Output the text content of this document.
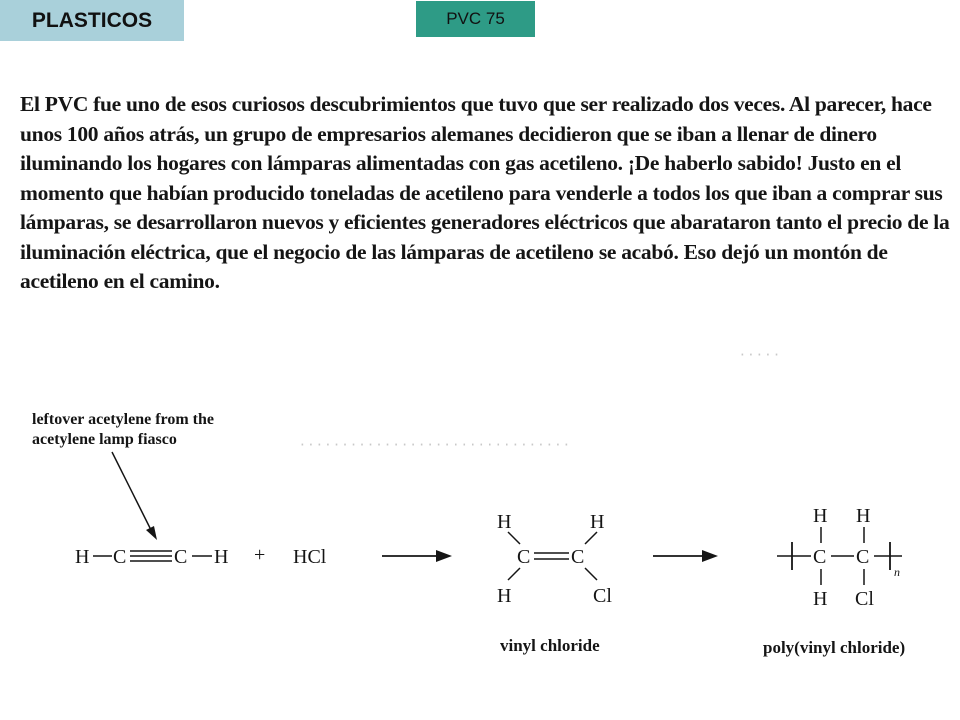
PLASTICOS	PVC 75
‧ ‧ ‧ ‧ ‧
‧ ‧ ‧ ‧ ‧ ‧ ‧ ‧ ‧ ‧ ‧ ‧ ‧ ‧ ‧ ‧ ‧ ‧ ‧ ‧ ‧ ‧ ‧ ‧ ‧ ‧ ‧ ‧ ‧ ‧ ‧ ‧
El PVC fue uno de esos curiosos descubrimientos que tuvo que ser realizado dos veces. Al parecer, hace unos 100 años atrás, un grupo de empresarios alemanes decidieron que se iban a llenar de dinero iluminando los hogares con lámparas alimentadas con gas acetileno. ¡De haberlo sabido! Justo en el momento que habían producido toneladas de acetileno para venderle a todos los que iban a comprar sus lámparas, se desarrollaron nuevos y eficientes generadores eléctricos que abarataron tanto el precio de la iluminación eléctrica, que el negocio de las lámparas de acetileno se acabó. Eso dejó un montón de acetileno en el camino.
leftover acetylene from the
acetylene lamp fiasco
H C C H + HCl
H	H
C C
H	Cl
vinyl chloride
H H
C C
n
H Cl
poly(vinyl chloride)
